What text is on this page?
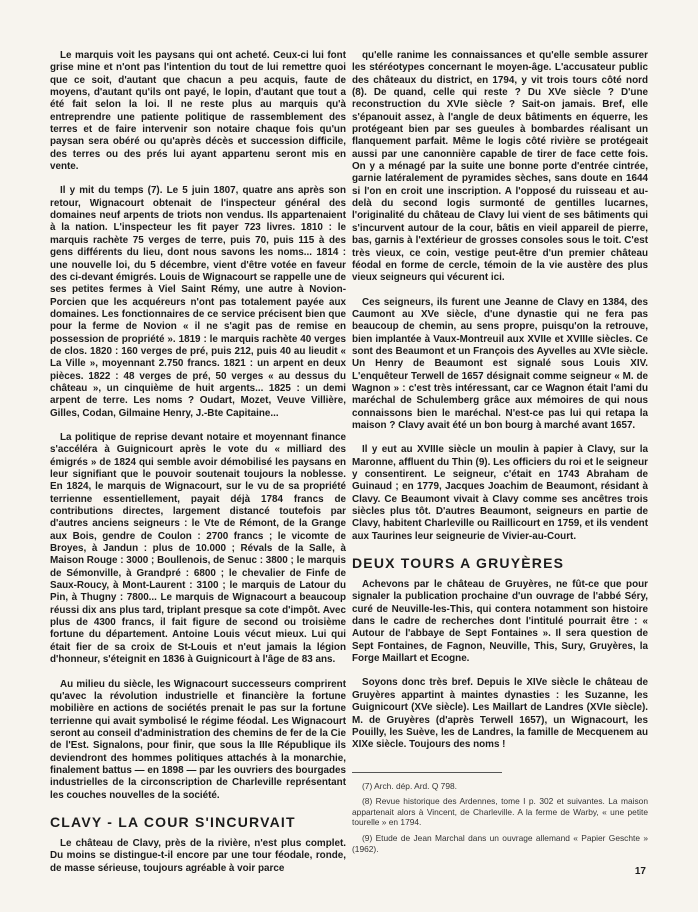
Le marquis voit les paysans qui ont acheté. Ceux-ci lui font grise mine et n'ont pas l'intention du tout de lui remettre quoi que ce soit, d'autant que chacun a peu acquis, faute de moyens, d'autant qu'ils ont payé, le lopin, d'autant que tout a été fait selon la loi. Il ne reste plus au marquis qu'à entreprendre une patiente politique de rassemblement des terres et de faire intervenir son notaire chaque fois qu'un paysan sera obéré ou qu'après décès et succession difficile, des terres ou des prés lui ayant appartenu seront mis en vente.

Il y mit du temps (7). Le 5 juin 1807, quatre ans après son retour, Wignacourt obtenait de l'inspecteur général des domaines neuf arpents de triots non vendus. Ils appartenaient à la nation. L'inspecteur les fit payer 723 livres. 1810 : le marquis rachète 75 verges de terre, puis 70, puis 115 à des gens différents du lieu, dont nous savons les noms... 1814 : une nouvelle loi, du 5 décembre, vient d'être votée en faveur des ci-devant émigrés. Louis de Wignacourt se rappelle une de ses petites fermes à Viel Saint Rémy, une autre à Novion-Porcien que les acquéreurs n'ont pas totalement payée aux domaines. Les fonctionnaires de ce service précisent bien que pour la ferme de Novion « il ne s'agit pas de remise en possession de propriété ». 1819 : le marquis rachète 40 verges de clos. 1820 : 160 verges de pré, puis 212, puis 40 au lieudit « La Ville », moyennant 2.750 francs. 1821 : un arpent en deux pièces. 1822 : 48 verges de pré, 50 verges « au dessus du château », un cinquième de huit argents... 1825 : un demi arpent de terre. Les noms ? Oudart, Mozet, Veuve Villière, Gilles, Codan, Gilmaine Henry, J.-Bte Capitaine...

La politique de reprise devant notaire et moyennant finance s'accéléra à Guignicourt après le vote du « milliard des émigrés » de 1824 qui semble avoir démobilisé les paysans en leur signifiant que le pouvoir soutenait toujours la noblesse. En 1824, le marquis de Wignacourt, sur le vu de sa propriété terrienne essentiellement, payait déjà 1784 francs de contributions directes, largement distancé toutefois par d'autres anciens seigneurs : le Vte de Rémont, de la Grange aux Bois, gendre de Coulon : 2700 francs ; le vicomte de Broyes, à Jandun : plus de 10.000 ; Révals de la Salle, à Maison Rouge : 3000 ; Boullenois, de Senuc : 3800 ; le marquis de Sémonville, à Grandpré : 6800 ; le chevalier de Finfe de Saux-Roucy, à Mont-Laurent : 3100 ; le marquis de Latour du Pin, à Thugny : 7800... Le marquis de Wignacourt a beaucoup réussi dix ans plus tard, triplant presque sa cote d'impôt. Avec plus de 4300 francs, il fait figure de second ou troisième fortune du département. Antoine Louis vécut mieux. Lui qui était fier de sa croix de St-Louis et n'eut jamais la légion d'honneur, s'éteignit en 1836 à Guignicourt à l'âge de 83 ans.

Au milieu du siècle, les Wignacourt successeurs comprirent qu'avec la révolution industrielle et financière la fortune mobilière en actions de sociétés prenait le pas sur la fortune terrienne qui avait symbolisé le régime féodal. Les Wignacourt seront au conseil d'administration des chemins de fer de la Cie de l'Est. Signalons, pour finir, que sous la IIIe République ils deviendront des hommes politiques attachés à la monarchie, finalement battus — en 1898 — par les ouvriers des bourgades industrielles de la circonscription de Charleville représentant les couches nouvelles de la société.

CLAVY - LA COUR S'INCURVAIT

Le château de Clavy, près de la rivière, n'est plus complet. Du moins se distingue-t-il encore par une tour féodale, ronde, de masse sérieuse, toujours agréable à voir parce

qu'elle ranime les connaissances et qu'elle semble assurer les stéréotypes concernant le moyen-âge. L'accusateur public des châteaux du district, en 1794, y vit trois tours côté nord (8). De quand, celle qui reste ? Du XVe siècle ? D'une reconstruction du XVIe siècle ? Sait-on jamais. Bref, elle s'épanouit assez, à l'angle de deux bâtiments en équerre, les protégeant bien par ses gueules à bombardes réalisant un flanquement parfait. Même le logis côté rivière se protégeait aussi par une canonnière capable de tirer de face cette fois. On y a ménagé par la suite une bonne porte d'entrée cintrée, garnie latéralement de pyramides sèches, sans doute en 1644 si l'on en croit une inscription. A l'opposé du ruisseau et au-delà du second logis surmonté de gentilles lucarnes, l'originalité du château de Clavy lui vient de ses bâtiments qui s'incurvent autour de la cour, bâtis en vieil appareil de pierre, bas, garnis à l'extérieur de grosses consoles sous le toit. C'est très vieux, ce coin, vestige peut-être d'un premier château féodal en forme de cercle, témoin de la vie austère des plus vieux seigneurs qui vécurent ici.

Ces seigneurs, ils furent une Jeanne de Clavy en 1384, des Caumont au XVe siècle, d'une dynastie qui ne fera pas beaucoup de chemin, au sens propre, puisqu'on la retrouve, bien implantée à Vaux-Montreuil aux XVIIe et XVIIIe siècles. Ce sont des Beaumont et un François des Ayvelles au XVIe siècle. Un Henry de Beaumont est signalé sous Louis XIV. L'enquêteur Terwell de 1657 désignait comme seigneur « M. de Wagnon » : c'est très intéressant, car ce Wagnon était l'ami du maréchal de Schulemberg grâce aux mémoires de qui nous connaissons bien le maréchal. N'est-ce pas lui qui retapa la maison ? Clavy avait été un bon bourg à marché avant 1657.

Il y eut au XVIIIe siècle un moulin à papier à Clavy, sur la Maronne, affluent du Thin (9). Les officiers du roi et le seigneur y consentirent. Le seigneur, c'était en 1743 Abraham de Guinaud ; en 1779, Jacques Joachim de Beaumont, résidant à Clavy. Ce Beaumont vivait à Clavy comme ses ancêtres trois siècles plus tôt. D'autres Beaumont, seigneurs en partie de Clavy, habitent Charleville ou Raillicourt en 1759, et ils vendent aux Taurines leur seigneurie de Vivier-au-Court.

DEUX TOURS A GRUYÈRES

Achevons par le château de Gruyères, ne fût-ce que pour signaler la publication prochaine d'un ouvrage de l'abbé Séry, curé de Neuville-les-This, qui contera notamment son histoire dans le cadre de recherches dont l'intitulé pourrait être : « Autour de l'abbaye de Sept Fontaines ». Il sera question de Sept Fontaines, de Fagnon, Neuville, This, Sury, Gruyères, la Forge Maillart et Ecogne.

Soyons donc très bref. Depuis le XIVe siècle le château de Gruyères appartint à maintes dynasties : les Suzanne, les Guignicourt (XVe siècle). Les Maillart de Landres (XVIe siècle). M. de Gruyères (d'après Terwell 1657), un Wignacourt, les Pouilly, les Suève, les de Landres, la famille de Mecquenem au XIXe siècle. Toujours des noms !

(7) Arch. dép. Ard. Q 798.
(8) Revue historique des Ardennes, tome I p. 302 et suivantes. La maison appartenait alors à Vincent, de Charleville. A la ferme de Warby, « une petite tourelle » en 1794.
(9) Etude de Jean Marchal dans un ouvrage allemand « Papier Geschte » (1962).
17
